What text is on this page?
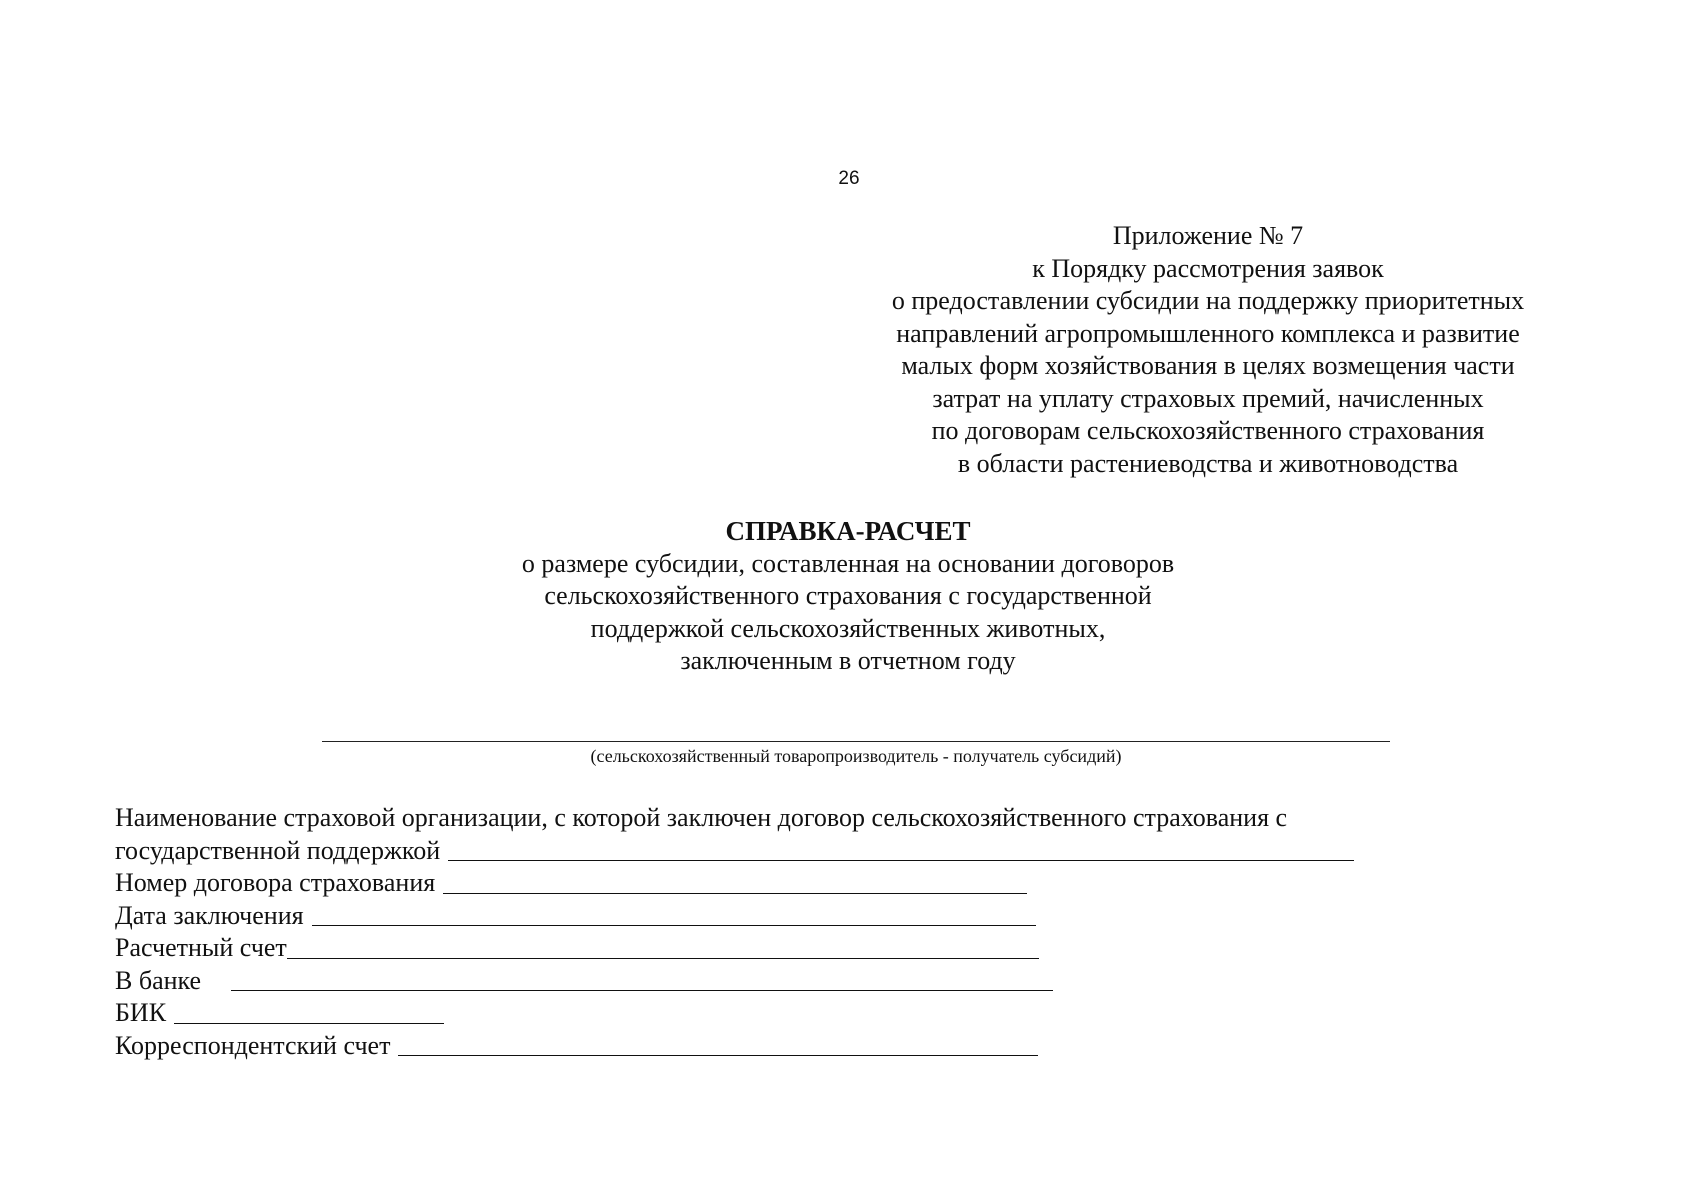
26
Приложение № 7
к Порядку рассмотрения заявок
о предоставлении субсидии на поддержку приоритетных
направлений агропромышленного комплекса и развитие
малых форм хозяйствования в целях возмещения части
затрат на уплату страховых премий, начисленных
по договорам сельскохозяйственного страхования
в области растениеводства и животноводства
СПРАВКА-РАСЧЕТ
о размере субсидии, составленная на основании договоров
сельскохозяйственного страхования с государственной
поддержкой сельскохозяйственных животных,
заключенным в отчетном году
(сельскохозяйственный товаропроизводитель - получатель субсидий)
Наименование страховой организации, с которой заключен договор сельскохозяйственного страхования с
государственной поддержкой
Номер договора страхования
Дата заключения
Расчетный счет
В банке
БИК
Корреспондентский счет
